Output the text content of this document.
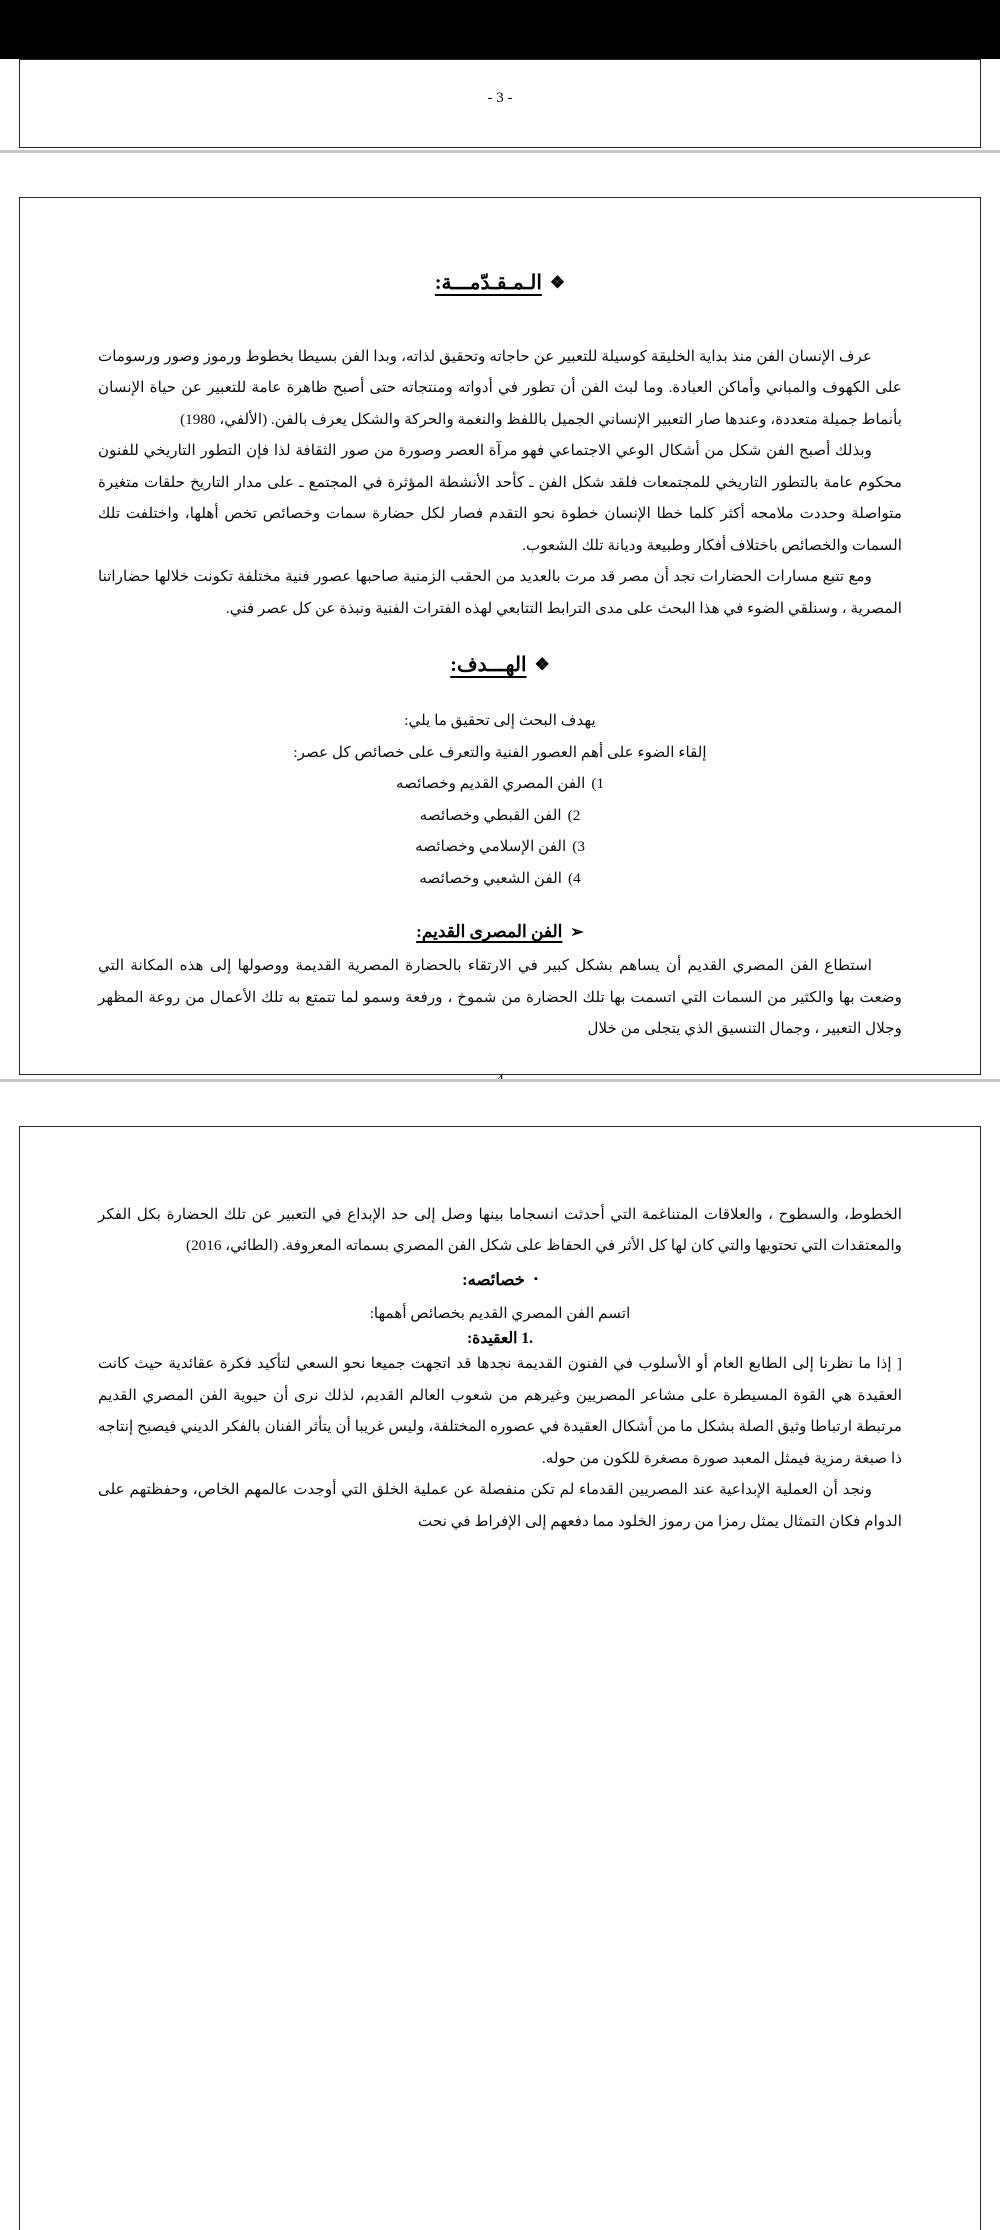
- 3 -

❖الـمـقـدّمـــة:

عرف الإنسان الفن منذ بداية الخليقة كوسيلة للتعبير عن حاجاته وتحقيق لذاته، وبدا الفن بسيطا بخطوط ورموز وصور ورسومات على الكهوف والمباني وأماكن العبادة. وما لبث الفن أن تطور في أدواته ومنتجاته حتى أصبح ظاهرة عامة للتعبير عن حياة الإنسان بأنماط جميلة متعددة، وعندها صار التعبير الإنساني الجميل باللفظ والنغمة والحركة والشكل يعرف بالفن. (الألفي، 1980)

وبذلك أصبح الفن شكل من أشكال الوعي الاجتماعي فهو مرآة العصر وصورة من صور الثقافة لذا فإن التطور التاريخي للفنون محكوم عامة بالتطور التاريخي للمجتمعات فلقد شكل الفن ـ كأحد الأنشطة المؤثرة في المجتمع ـ على مدار التاريخ حلقات متغيرة متواصلة وحددت ملامحه أكثر كلما خطا الإنسان خطوة نحو التقدم فصار لكل حضارة سمات وخصائص تخص أهلها، واختلفت تلك السمات والخصائص باختلاف أفكار وطبيعة وديانة تلك الشعوب.

ومع تتبع مسارات الحضارات نجد أن مصر قد مرت بالعديد من الحقب الزمنية صاحبها عصور فنية مختلفة تكونت خلالها حضاراتنا المصرية ، وسنلقي الضوء في هذا البحث على مدى الترابط التتابعي لهذه الفترات الفنية ونبذة عن كل عصر فني.

❖الهـــدف:

يهدف البحث إلى تحقيق ما يلي:

إلقاء الضوء على أهم العصور الفنية والتعرف على خصائص كل عصر:

1)الفن المصري القديم وخصائصه
2)الفن القبطي وخصائصه
3)الفن الإسلامي وخصائصه
4)الفن الشعبي وخصائصه
➢الفن المصرى القديم:

استطاع الفن المصري القديم أن يساهم بشكل كبير في الارتقاء بالحضارة المصرية القديمة ووصولها إلى هذه المكانة التي وضعت بها والكثير من السمات التي اتسمت بها تلك الحضارة من شموخ ، ورفعة وسمو لما تتمتع به تلك الأعمال من روعة المظهر وجلال التعبير ، وجمال التنسيق الذي يتجلى من خلال

الخطوط، والسطوح ، والعلاقات المتناغمة التي أحدثت انسجاما بينها وصل إلى حد الإبداع في التعبير عن تلك الحضارة بكل الفكر والمعتقدات التي تحتويها والتي كان لها كل الأثر في الحفاظ على شكل الفن المصري بسماته المعروفة. (الطائي، 2016)

▪خصائصه:

اتسم الفن المصري القديم بخصائص أهمها:

.1 العقيدة:

[ إذا ما نظرنا إلى الطابع العام أو الأسلوب في الفنون القديمة نجدها قد اتجهت جميعا نحو السعي لتأكيد فكرة عقائدية حيث كانت العقيدة هي القوة المسيطرة على مشاعر المصريين وغيرهم من شعوب العالم القديم، لذلك نرى أن حيوية الفن المصري القديم مرتبطة ارتباطا وثيق الصلة بشكل ما من أشكال العقيدة في عصوره المختلفة، وليس غريبا أن يتأثر الفنان بالفكر الديني فيصبح إنتاجه ذا صبغة رمزية فيمثل المعبد صورة مصغرة للكون من حوله.

ونجد أن العملية الإبداعية عند المصريين القدماء لم تكن منفصلة عن عملية الخلق التي أوجدت عالمهم الخاص، وحفظتهم على الدوام فكان التمثال يمثل رمزا من رموز الخلود مما دفعهم إلى الإفراط في نحت
